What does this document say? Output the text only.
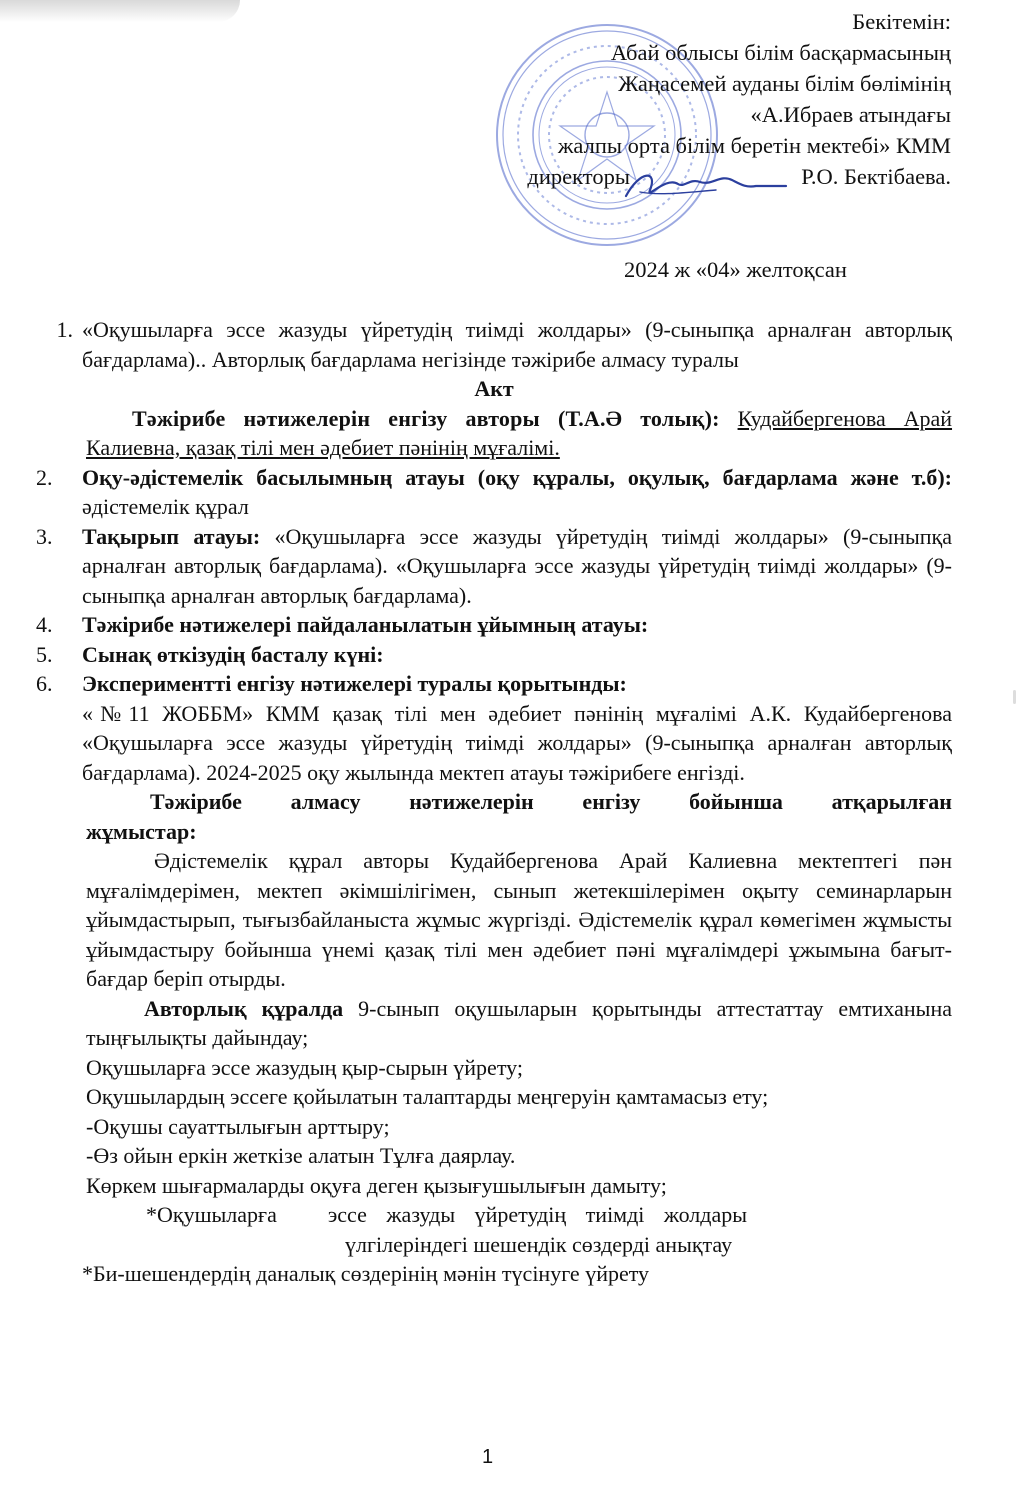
Бекітемін:
Абай облысы білім басқармасының
Жаңасемей ауданы білім бөлімінің
«А.Ибраев атындағы
жалпы орта білім беретін мектебі» КММ
директоры	Р.О. Бектібаева.
2024 ж «04» желтоқсан
1. «Оқушыларға эссе жазуды үйретудің тиімді жолдары» (9-сыныпқа арналған авторлық бағдарлама).. Авторлық бағдарлама негізінде тәжірибе алмасу туралы
Акт
Тәжірибе нәтижелерін енгізу авторы (Т.А.Ә толық): Кудайбергенова Арай Калиевна, қазақ тілі мен әдебиет пәнінің мұғалімі.
2.	Оқу-әдістемелік басылымның атауы (оқу құралы, оқулық, бағдарлама және т.б): әдістемелік құрал
3.	Тақырып атауы: «Оқушыларға эссе жазуды үйретудің тиімді жолдары» (9-сыныпқа арналған авторлық бағдарлама). «Оқушыларға эссе жазуды үйретудің тиімді жолдары» (9-сыныпқа арналған авторлық бағдарлама).
4.	Тәжірибе нәтижелері пайдаланылатын ұйымның атауы:
5.	Сынақ өткізудің басталу күні:
6.	Экспериментті енгізу нәтижелері туралы қорытынды:
«№11 ЖОББМ» КММ қазақ тілі мен әдебиет пәнінің мұғалімі А.К. Кудайбергенова «Оқушыларға эссе жазуды үйретудің тиімді жолдары» (9-сыныпқа арналған авторлық бағдарлама). 2024-2025 оқу жылында мектеп атауы тәжірибеге енгізді.
Тәжірибе алмасу нәтижелерін енгізу бойынша атқарылған жұмыстар:
Әдістемелік құрал авторы Кудайбергенова Арай Калиевна мектептегі пән мұғалімдерімен, мектеп әкімшілігімен, сынып жетекшілерімен оқыту семинарларын ұйымдастырып, тығызбайланыста жұмыс жүргізді. Әдістемелік құрал көмегімен жұмысты ұйымдастыру бойынша үнемі қазақ тілі мен әдебиет пәні мұғалімдері ұжымына бағыт-бағдар беріп отырды.
Авторлық құралда 9-сынып оқушыларын қорытынды аттестаттау емтиханына тыңғылықты дайындау;
Оқушыларға эссе жазудың қыр-сырын үйрету;
Оқушылардың эссеге қойылатын талаптарды меңгеруін қамтамасыз ету;
-Оқушы сауаттылығын арттыру;
-Өз ойын еркін жеткізе алатын Тұлға даярлау.
Көркем шығармаларды оқуға деген қызығушылығын дамыту;
*Оқушыларға эссе жазуды үйретудің тиімді жолдары
үлгілеріндегі шешендік сөздерді анықтау
*Би-шешендердің даналық сөздерінің мәнін түсінуге үйрету
1
